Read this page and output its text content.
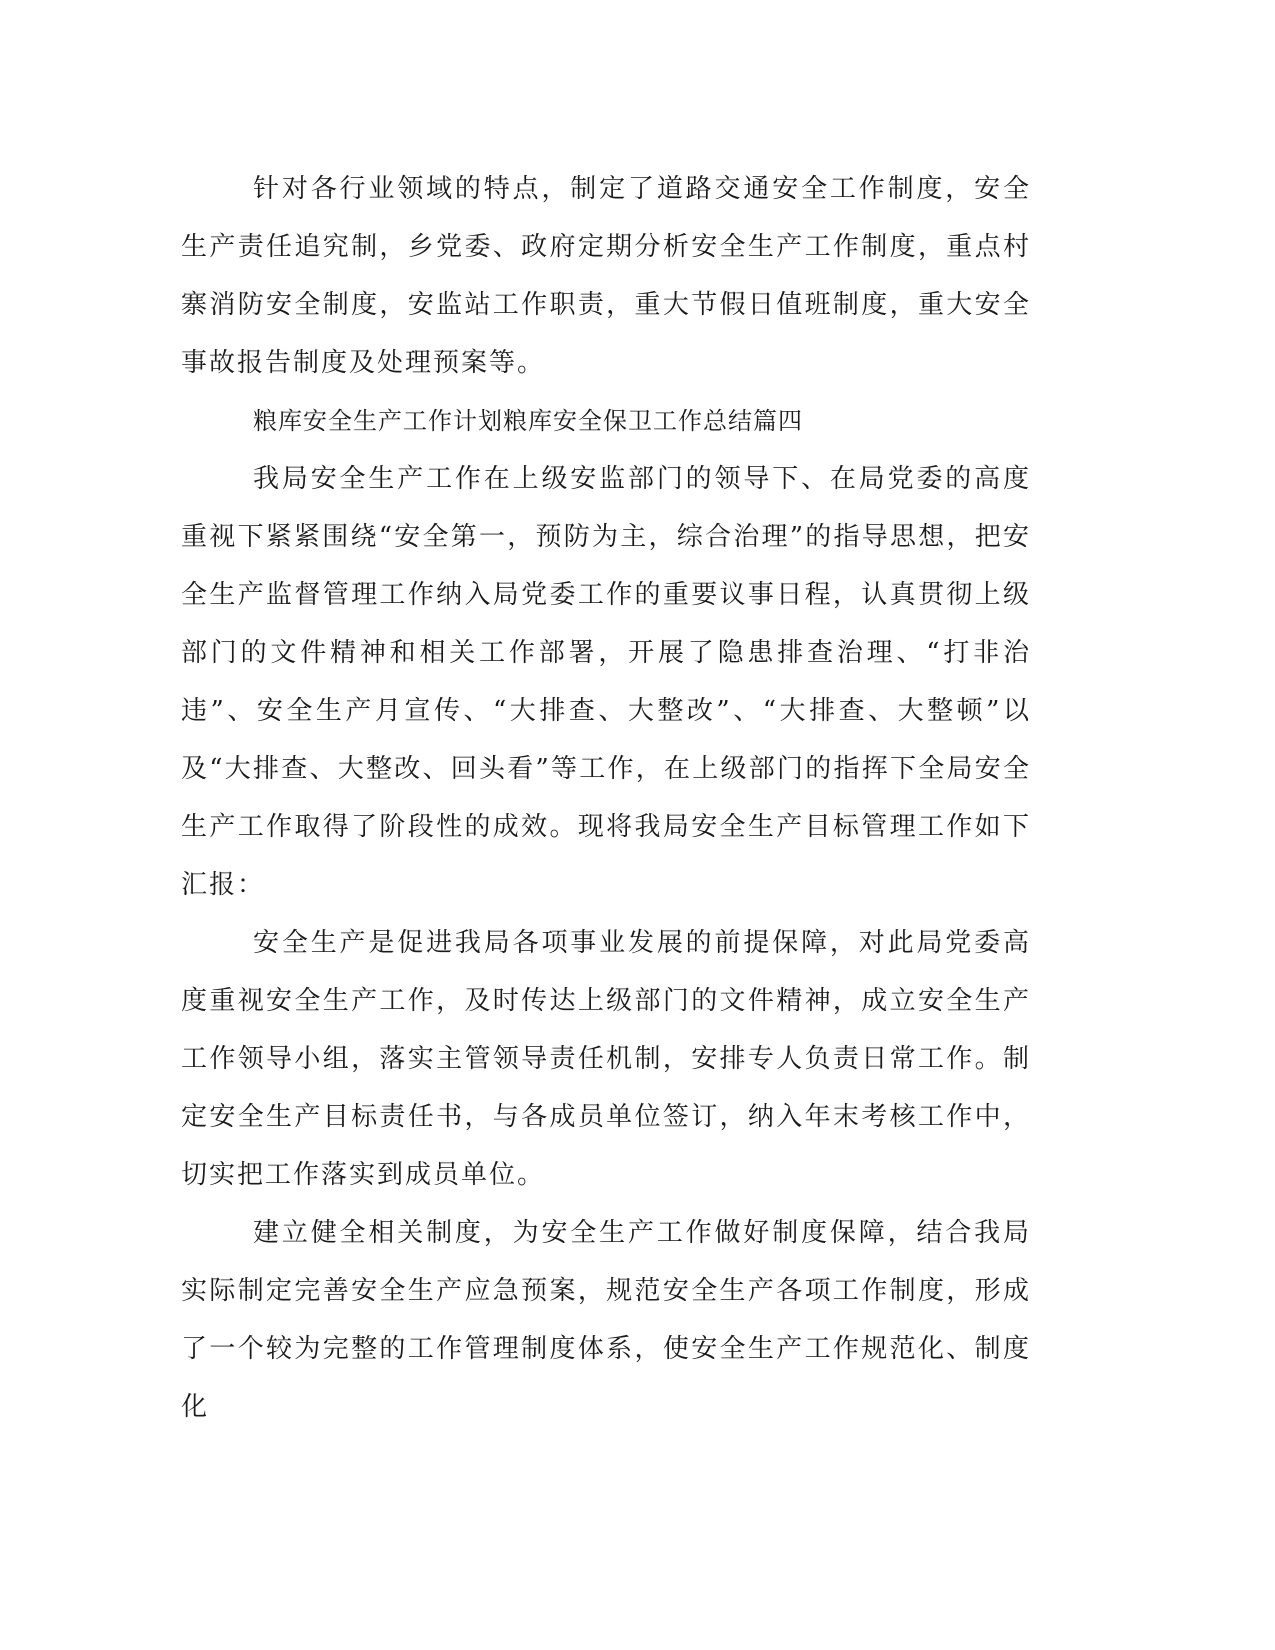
针对各行业领域的特点，制定了道路交通安全工作制度，安全生产责任追究制，乡党委、政府定期分析安全生产工作制度，重点村寨消防安全制度，安监站工作职责，重大节假日值班制度，重大安全事故报告制度及处理预案等。

粮库安全生产工作计划粮库安全保卫工作总结篇四

我局安全生产工作在上级安监部门的领导下、在局党委的高度重视下紧紧围绕“安全第一，预防为主，综合治理”的指导思想，把安全生产监督管理工作纳入局党委工作的重要议事日程，认真贯彻上级部门的文件精神和相关工作部署，开展了隐患排查治理、“打非治违”、安全生产月宣传、“大排查、大整改”、“大排查、大整顿”以及“大排查、大整改、回头看”等工作，在上级部门的指挥下全局安全生产工作取得了阶段性的成效。现将我局安全生产目标管理工作如下汇报：

安全生产是促进我局各项事业发展的前提保障，对此局党委高度重视安全生产工作，及时传达上级部门的文件精神，成立安全生产工作领导小组，落实主管领导责任机制，安排专人负责日常工作。制定安全生产目标责任书，与各成员单位签订，纳入年末考核工作中，切实把工作落实到成员单位。

建立健全相关制度，为安全生产工作做好制度保障，结合我局实际制定完善安全生产应急预案，规范安全生产各项工作制度，形成了一个较为完整的工作管理制度体系，使安全生产工作规范化、制度化
